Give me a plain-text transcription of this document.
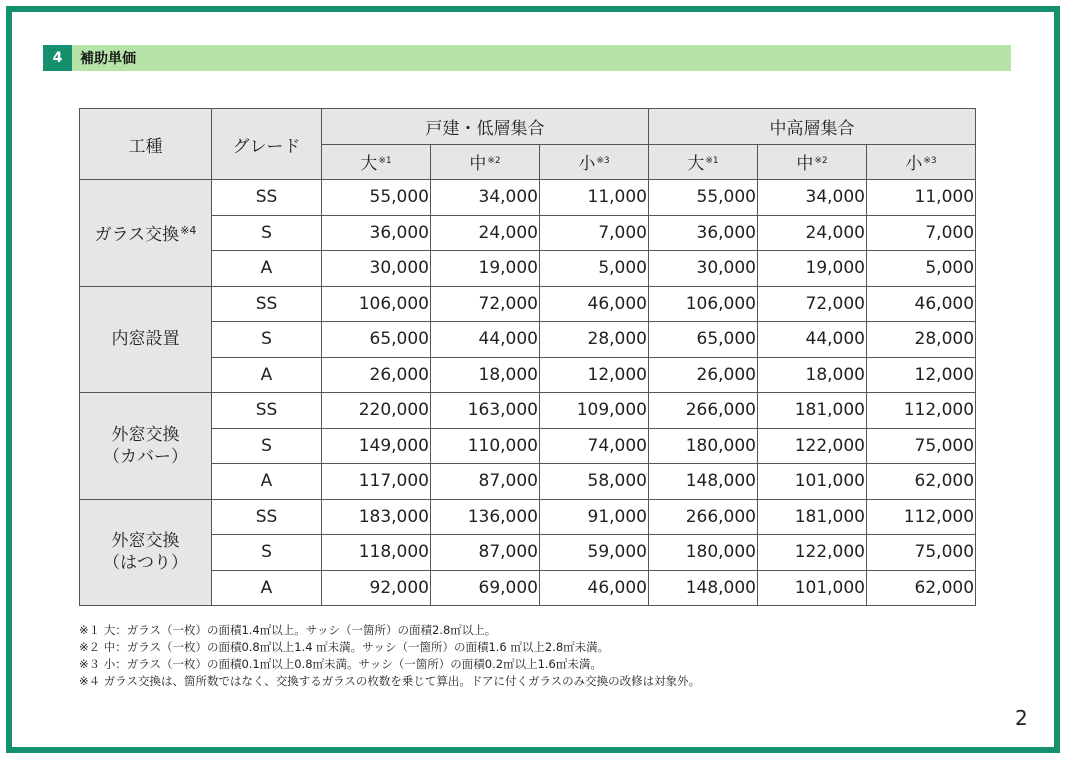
4	補助単価
工種	グレード	戸建・低層集合			中高層集合		
		大$^{※1}$	中$^{※2}$	小$^{※3}$	大$^{※1}$	中$^{※2}$	小$^{※3}$
ガラス交換$^{※4}$	SS	55,000	34,000	11,000	55,000	34,000	11,000
	S	36,000	24,000	7,000	36,000	24,000	7,000
	A	30,000	19,000	5,000	30,000	19,000	5,000
内窓設置	SS	106,000	72,000	46,000	106,000	72,000	46,000
	S	65,000	44,000	28,000	65,000	44,000	28,000
	A	26,000	18,000	12,000	26,000	18,000	12,000

外窓交換
（カバー）	SS	220,000	163,000	109,000	266,000	181,000	112,000
	S	149,000	110,000	74,000	180,000	122,000	75,000
	A	117,000	87,000	58,000	148,000	101,000	62,000

外窓交換
（はつり）	SS	183,000	136,000	91,000	266,000	181,000	112,000
	S	118,000	87,000	59,000	180,000	122,000	75,000
	A	92,000	69,000	46,000	148,000	101,000	62,000
※１ 大：ガラス（一枚）の面積1.4㎡以上。サッシ（一箇所）の面積2.8㎡以上。
※２ 中：ガラス（一枚）の面積0.8㎡以上1.4 ㎡未満。サッシ（一箇所）の面積1.6 ㎡以上2.8㎡未満。
※３ 小：ガラス（一枚）の面積0.1㎡以上0.8㎡未満。サッシ（一箇所）の面積0.2㎡以上1.6㎡未満。
※４ ガラス交換は、箇所数ではなく、交換するガラスの枚数を乗じて算出。ドアに付くガラスのみ交換の改修は対象外。
2
